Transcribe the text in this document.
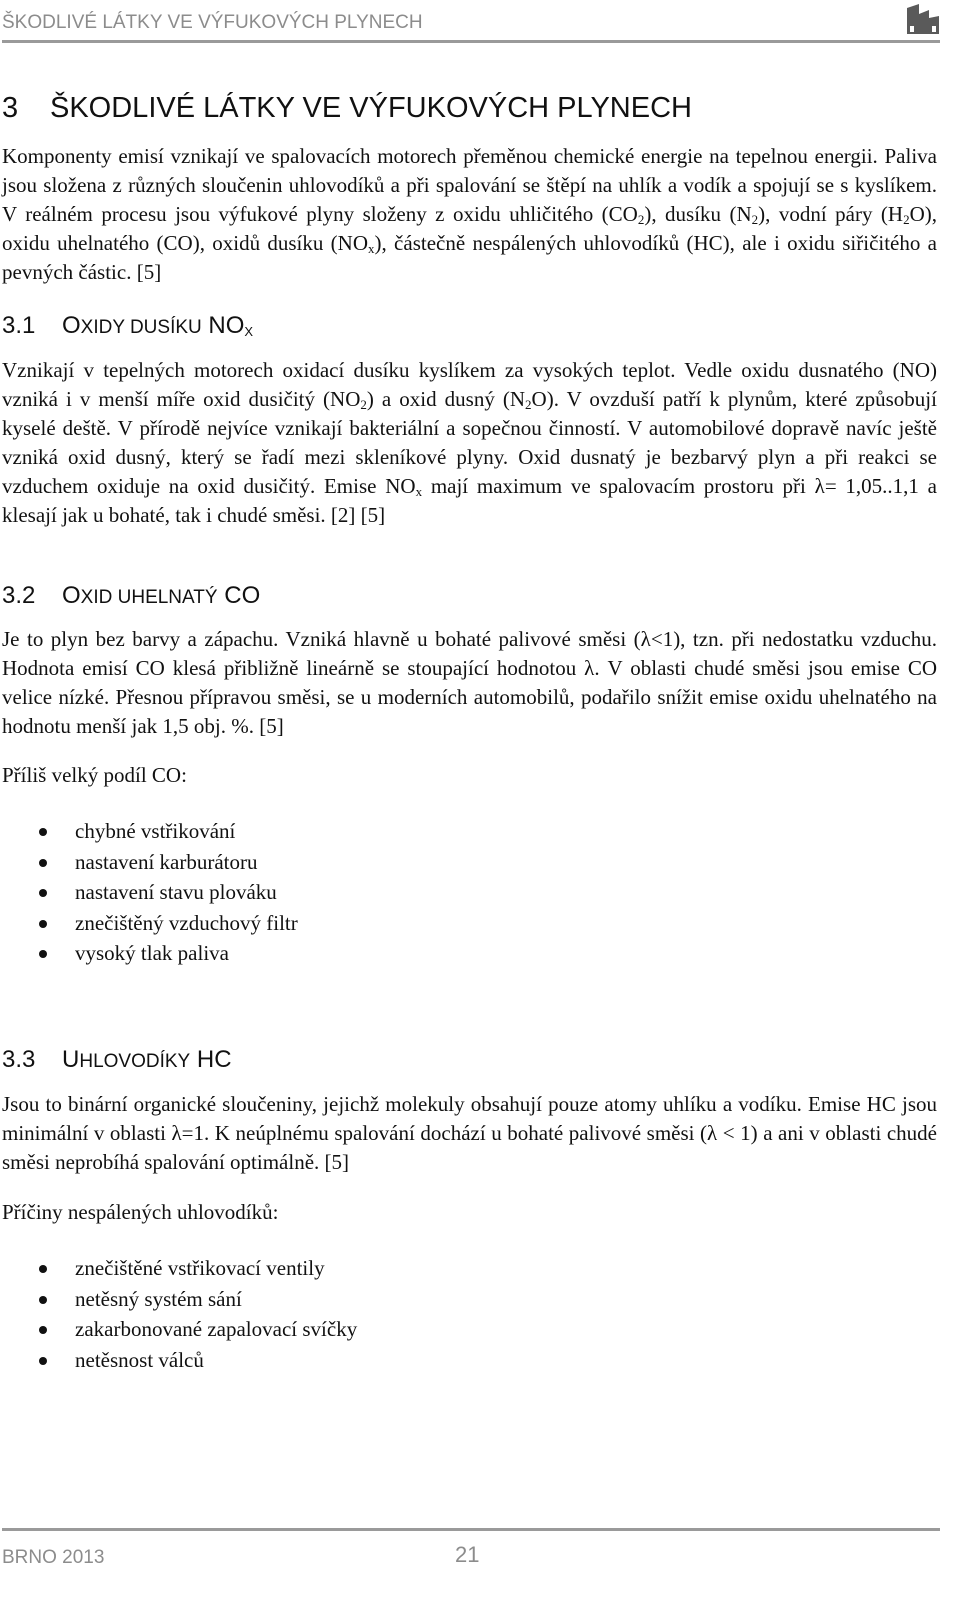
ŠKODLIVÉ LÁTKY VE VÝFUKOVÝCH PLYNECH
3 ŠKODLIVÉ LÁTKY VE VÝFUKOVÝCH PLYNECH

Komponenty emisí vznikají ve spalovacích motorech přeměnou chemické energie na tepelnou energii. Paliva jsou složena z různých sloučenin uhlovodíků a při spalování se štěpí na uhlík a vodík a spojují se s kyslíkem. V reálném procesu jsou výfukové plyny složeny z oxidu uhličitého $(CO_2)$, dusíku $(N_2)$, vodní páry $(H_2O)$, oxidu uhelnatého (CO), oxidů dusíku $(NO_x)$, částečně nespálených uhlovodíků (HC), ale i oxidu siřičitého a pevných částic. [5]

3.1 OXIDY DUSÍKU $NO_X$

Vznikají v tepelných motorech oxidací dusíku kyslíkem za vysokých teplot. Vedle oxidu dusnatého (NO) vzniká i v menší míře oxid dusičitý $(NO_2)$ a oxid dusný $(N_2O)$. V ovzduší patří k plynům, které způsobují kyselé deště. V přírodě nejvíce vznikají bakteriální a sopečnou činností. V automobilové dopravě navíc ještě vzniká oxid dusný, který se řadí mezi skleníkové plyny. Oxid dusnatý je bezbarvý plyn a při reakci se vzduchem oxiduje na oxid dusičitý. Emise $NO_x$ mají maximum ve spalovacím prostoru při λ= 1,05..1,1 a klesají jak u bohaté, tak i chudé směsi. [2] [5]

3.2 OXID UHELNATÝ CO

Je to plyn bez barvy a zápachu. Vzniká hlavně u bohaté palivové směsi (λ<1), tzn. při nedostatku vzduchu. Hodnota emisí CO klesá přibližně lineárně se stoupající hodnotou λ. V oblasti chudé směsi jsou emise CO velice nízké. Přesnou přípravou směsi, se u moderních automobilů, podařilo snížit emise oxidu uhelnatého na hodnotu menší jak 1,5 obj. %. [5]

Příliš velký podíl CO:
chybné vstřikování
nastavení karburátoru
nastavení stavu plováku
znečištěný vzduchový filtr
vysoký tlak paliva
3.3 UHLOVODÍKY HC

Jsou to binární organické sloučeniny, jejichž molekuly obsahují pouze atomy uhlíku a vodíku. Emise HC jsou minimální v oblasti λ=1. K neúplnému spalování dochází u bohaté palivové směsi (λ < 1) a ani v oblasti chudé směsi neprobíhá spalování optimálně. [5]

Příčiny nespálených uhlovodíků:
znečištěné vstřikovací ventily
netěsný systém sání
zakarbonované zapalovací svíčky
netěsnost válců
BRNO 2013	21
